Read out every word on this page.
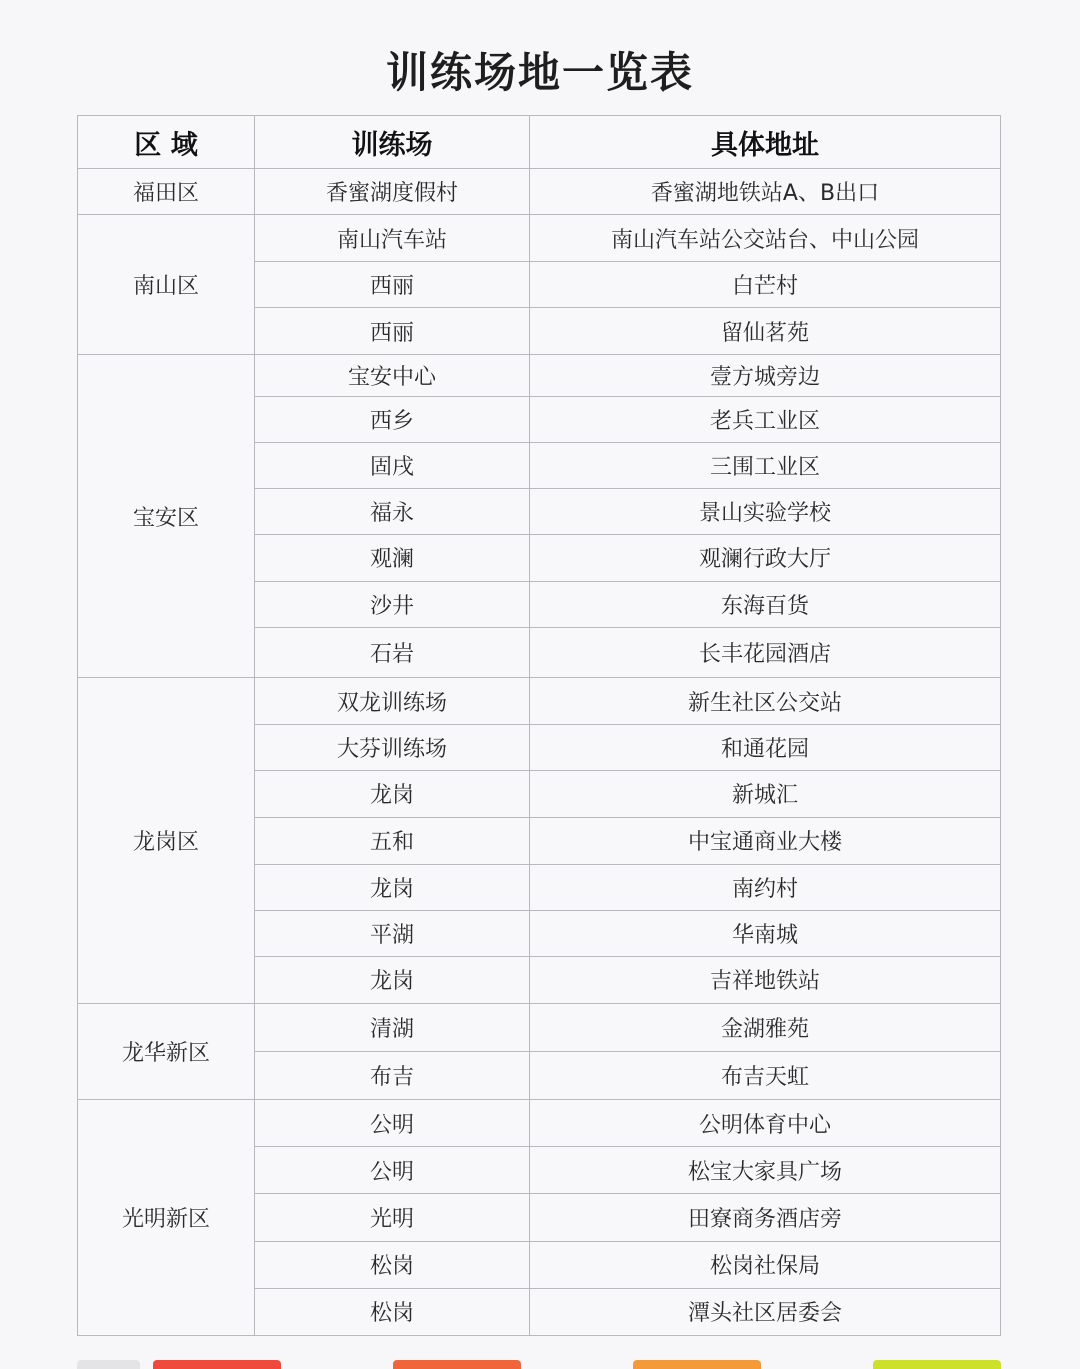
训练场地一览表
区 域	训练场	具体地址
福田区	香蜜湖度假村	香蜜湖地铁站A、B出口
南山区	南山汽车站	南山汽车站公交站台、中山公园
	西丽	白芒村
	西丽	留仙茗苑
宝安区	宝安中心	壹方城旁边
	西乡	老兵工业区
	固戌	三围工业区
	福永	景山实验学校
	观澜	观澜行政大厅
	沙井	东海百货
	石岩	长丰花园酒店
龙岗区	双龙训练场	新生社区公交站
	大芬训练场	和通花园
	龙岗	新城汇
	五和	中宝通商业大楼
	龙岗	南约村
	平湖	华南城
	龙岗	吉祥地铁站
龙华新区	清湖	金湖雅苑
	布吉	布吉天虹
光明新区	公明	公明体育中心
	公明	松宝大家具广场
	光明	田寮商务酒店旁
	松岗	松岗社保局
	松岗	潭头社区居委会
